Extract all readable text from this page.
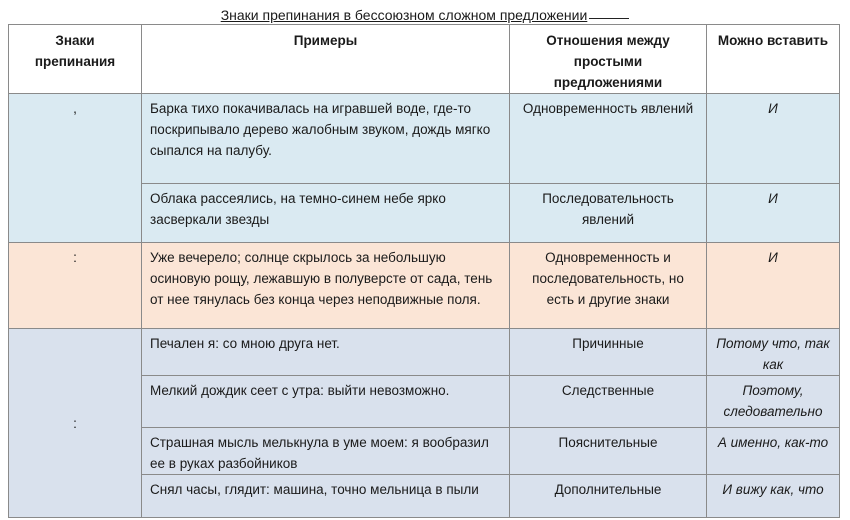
Знаки препинания в бессоюзном сложном предложении
Знаки препинания	Примеры	Отношения между простыми предложениями	Можно вставить
,	Барка тихо покачивалась на игравшей воде, где-то поскрипывало дерево жалобным звуком, дождь мягко сыпался на палубу.	Одновременность явлений	И
	Облака рассеялись, на темно-синем небе ярко засверкали звезды	Последовательность явлений	И
:	Уже вечерело; солнце скрылось за небольшую осиновую рощу, лежавшую в полуверсте от сада, тень от нее тянулась без конца через неподвижные поля.	Одновременность и последовательность, но есть и другие знаки	И
:	Печален я: со мною друга нет.	Причинные	Потому что, так как
	Мелкий дождик сеет с утра: выйти невозможно.	Следственные	Поэтому, следовательно
	Страшная мысль мелькнула в уме моем: я вообразил ее в руках разбойников	Пояснительные	А именно, как-то
	Снял часы, глядит: машина, точно мельница в пыли	Дополнительные	И вижу как, что
